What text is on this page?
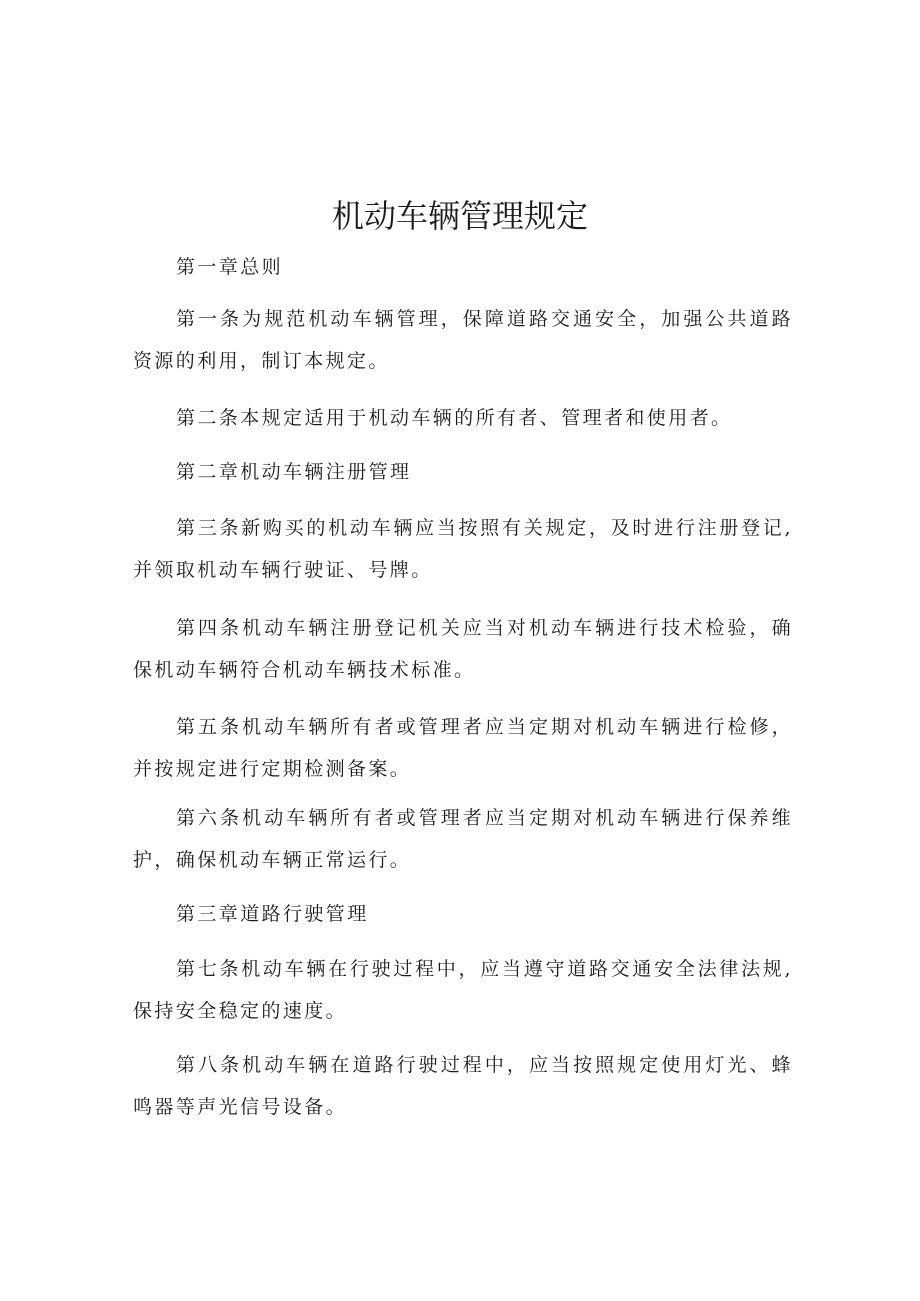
机动车辆管理规定

第一章总则

第一条为规范机动车辆管理，保障道路交通安全，加强公共道路资源的利用，制订本规定。

第二条本规定适用于机动车辆的所有者、管理者和使用者。

第二章机动车辆注册管理

第三条新购买的机动车辆应当按照有关规定，及时进行注册登记,并领取机动车辆行驶证、号牌。

第四条机动车辆注册登记机关应当对机动车辆进行技术检验，确保机动车辆符合机动车辆技术标准。

第五条机动车辆所有者或管理者应当定期对机动车辆进行检修，并按规定进行定期检测备案。

第六条机动车辆所有者或管理者应当定期对机动车辆进行保养维护，确保机动车辆正常运行。

第三章道路行驶管理

第七条机动车辆在行驶过程中，应当遵守道路交通安全法律法规,保持安全稳定的速度。

第八条机动车辆在道路行驶过程中，应当按照规定使用灯光、蜂鸣器等声光信号设备。
